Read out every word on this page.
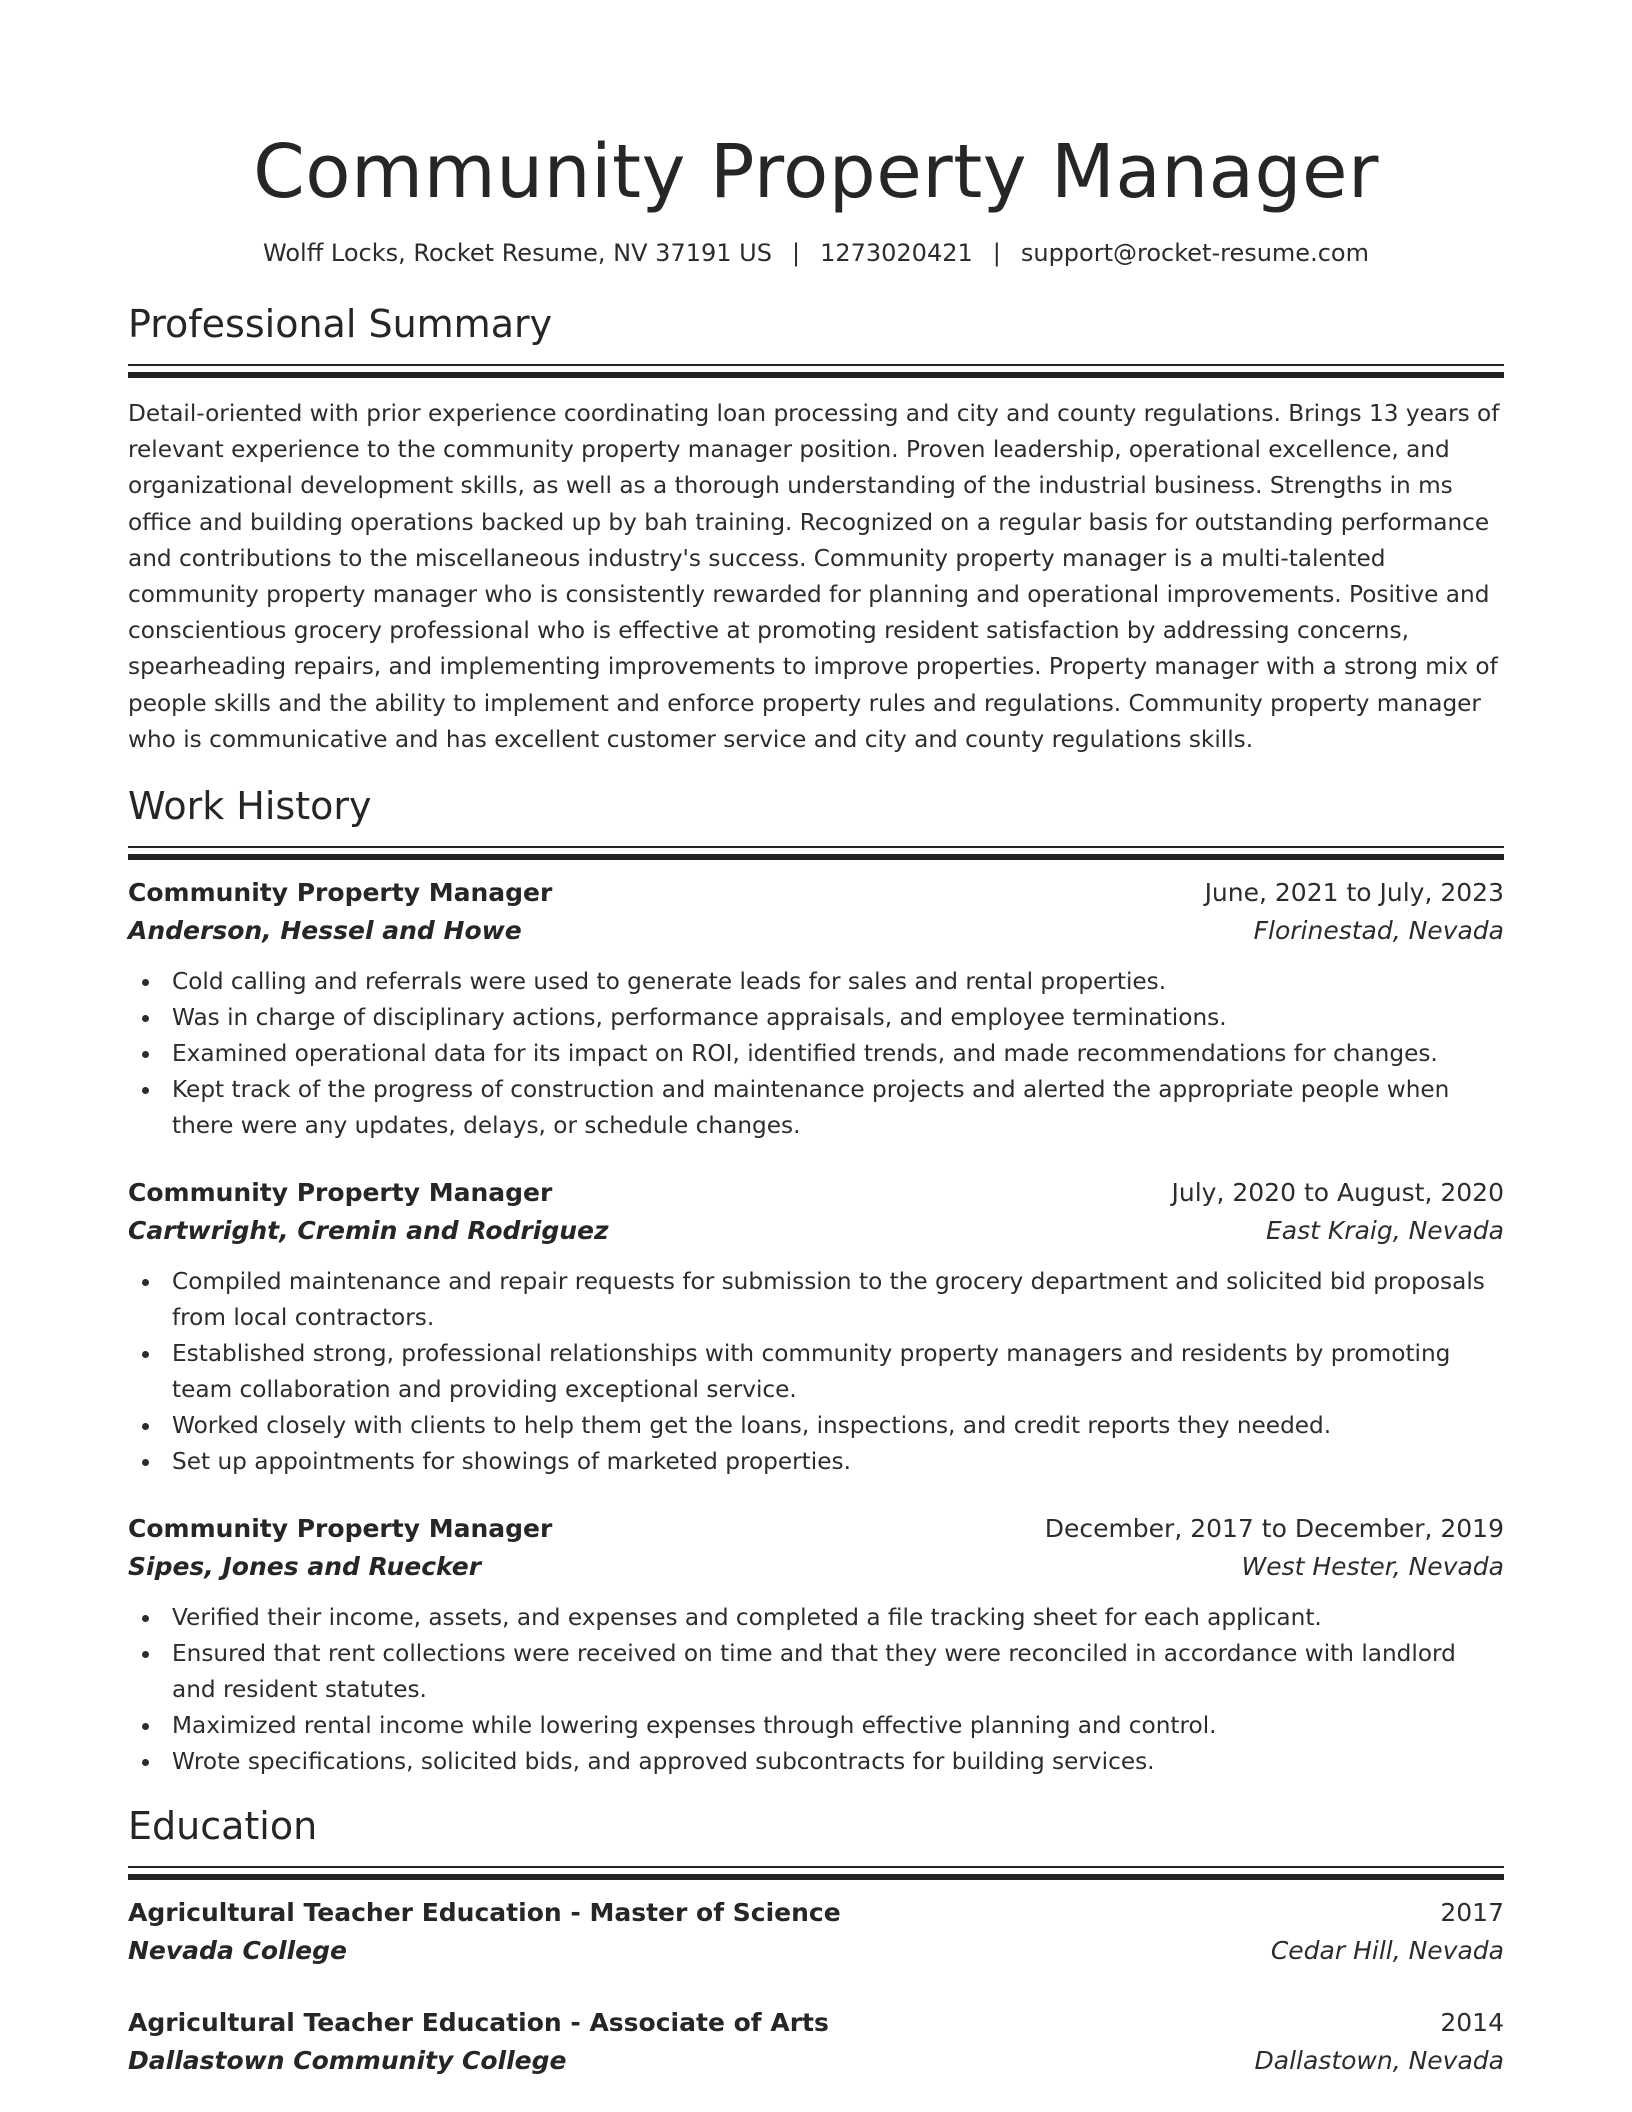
Community Property Manager
Wolff Locks, Rocket Resume, NV 37191 US | 1273020421 | support@rocket-resume.com
Professional Summary
Detail-oriented with prior experience coordinating loan processing and city and county regulations. Brings 13 years of relevant experience to the community property manager position. Proven leadership, operational excellence, and organizational development skills, as well as a thorough understanding of the industrial business. Strengths in ms office and building operations backed up by bah training. Recognized on a regular basis for outstanding performance and contributions to the miscellaneous industry's success. Community property manager is a multi-talented community property manager who is consistently rewarded for planning and operational improvements. Positive and conscientious grocery professional who is effective at promoting resident satisfaction by addressing concerns, spearheading repairs, and implementing improvements to improve properties. Property manager with a strong mix of people skills and the ability to implement and enforce property rules and regulations. Community property manager who is communicative and has excellent customer service and city and county regulations skills.
Work History
Community Property Manager	June, 2021 to July, 2023
Anderson, Hessel and Howe	Florinestad, Nevada
Cold calling and referrals were used to generate leads for sales and rental properties.
Was in charge of disciplinary actions, performance appraisals, and employee terminations.
Examined operational data for its impact on ROI, identified trends, and made recommendations for changes.
Kept track of the progress of construction and maintenance projects and alerted the appropriate people when there were any updates, delays, or schedule changes.
Community Property Manager	July, 2020 to August, 2020
Cartwright, Cremin and Rodriguez	East Kraig, Nevada
Compiled maintenance and repair requests for submission to the grocery department and solicited bid proposals from local contractors.
Established strong, professional relationships with community property managers and residents by promoting team collaboration and providing exceptional service.
Worked closely with clients to help them get the loans, inspections, and credit reports they needed.
Set up appointments for showings of marketed properties.
Community Property Manager	December, 2017 to December, 2019
Sipes, Jones and Ruecker	West Hester, Nevada
Verified their income, assets, and expenses and completed a file tracking sheet for each applicant.
Ensured that rent collections were received on time and that they were reconciled in accordance with landlord and resident statutes.
Maximized rental income while lowering expenses through effective planning and control.
Wrote specifications, solicited bids, and approved subcontracts for building services.
Education
Agricultural Teacher Education - Master of Science	2017
Nevada College	Cedar Hill, Nevada
Agricultural Teacher Education - Associate of Arts	2014
Dallastown Community College	Dallastown, Nevada
